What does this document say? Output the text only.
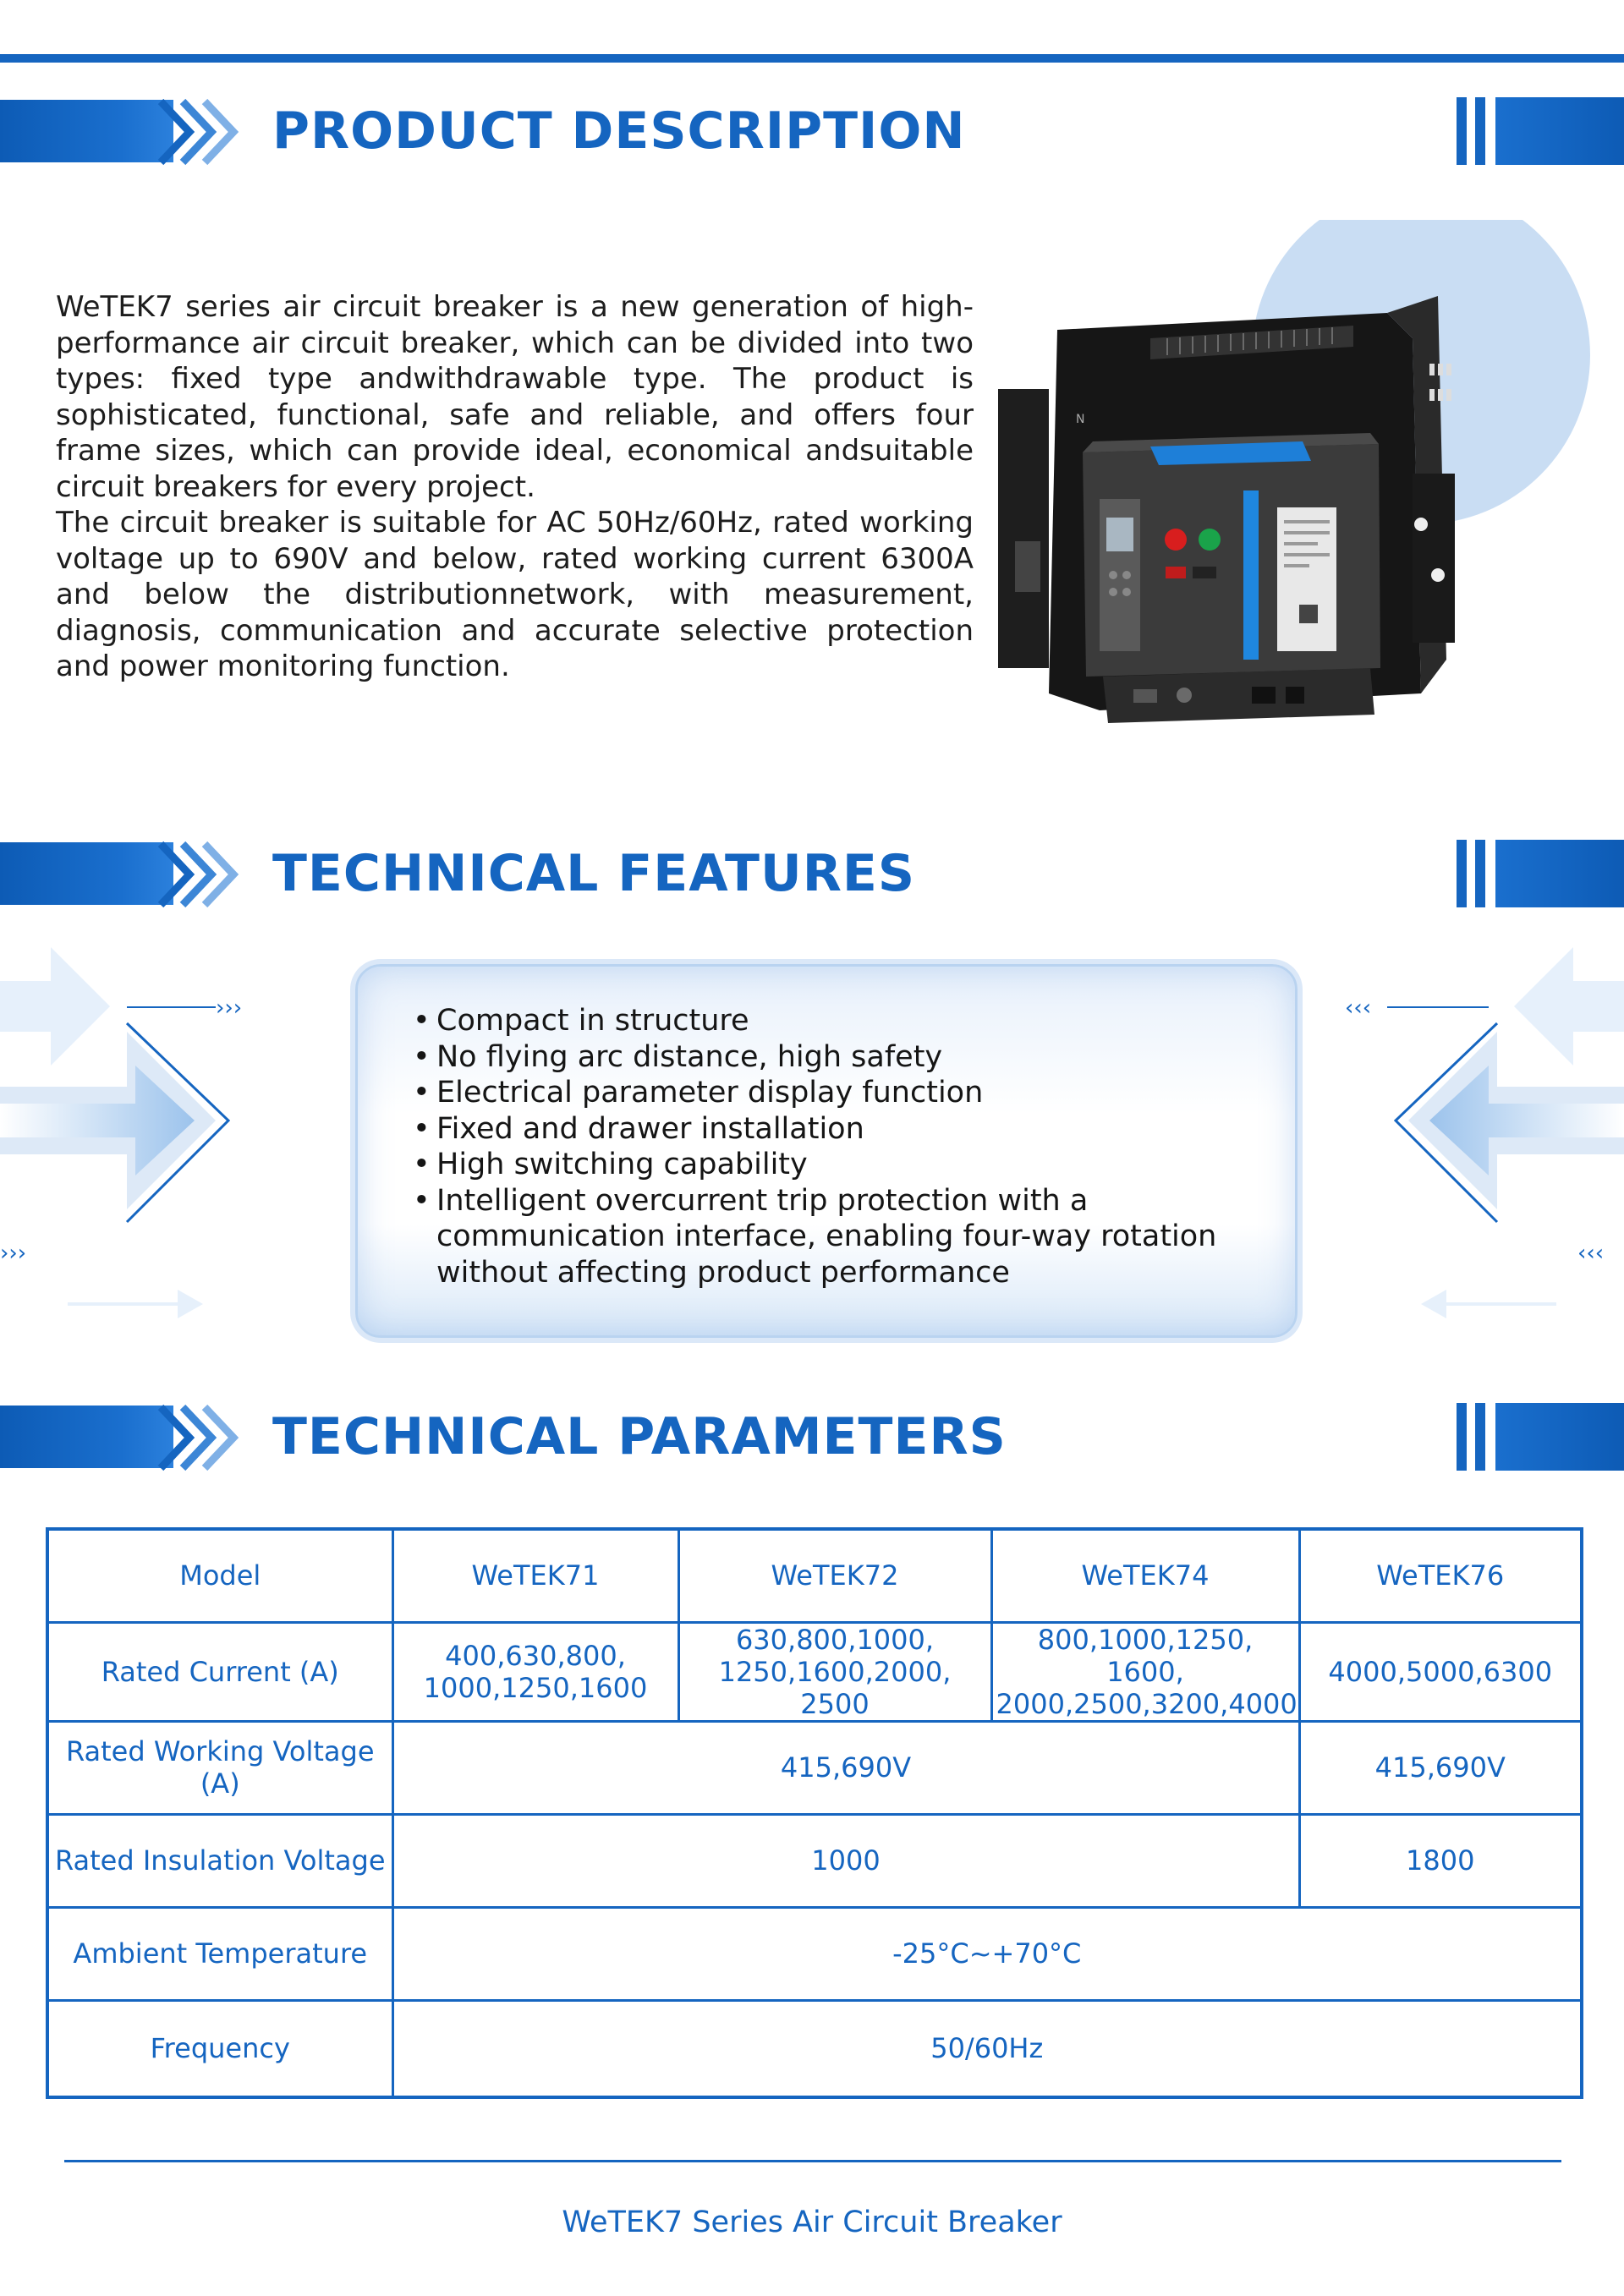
PRODUCT DESCRIPTION

WeTEK7 series air circuit breaker is a new generation of high-performance air circuit breaker, which can be divided into two types: fixed type andwithdrawable type. The product is sophisticated, functional, safe and reliable, and offers four frame sizes, which can provide ideal, economical andsuitable circuit breakers for every project.

The circuit breaker is suitable for AC 50Hz/60Hz, rated working voltage up to 690V and below, rated working current 6300A and below the distributionnetwork, with measurement, diagnosis, communication and accurate selective protection and power monitoring function.

N
TECHNICAL FEATURES
›››
›››
‹‹‹
‹‹‹
• Compact in structure
• No flying arc distance, high safety
• Electrical parameter display function
• Fixed and drawer installation
• High switching capability
• Intelligent overcurrent trip protection with a communication interface, enabling four-way rotation without affecting product performance
TECHNICAL PARAMETERS
Model	WeTEK71	WeTEK72	WeTEK74	WeTEK76
Rated Current (A)	400,630,800, 1000,1250,1600	630,800,1000, 1250,1600,2000, 2500	800,1000,1250, 1600, 2000,2500,3200,4000	4000,5000,6300
Rated Working Voltage (A)	415,690V			415,690V
Rated Insulation Voltage	1000			1800
Ambient Temperature	-25°C~+70°C			
Frequency	50/60Hz			
WeTEK7 Series Air Circuit Breaker
